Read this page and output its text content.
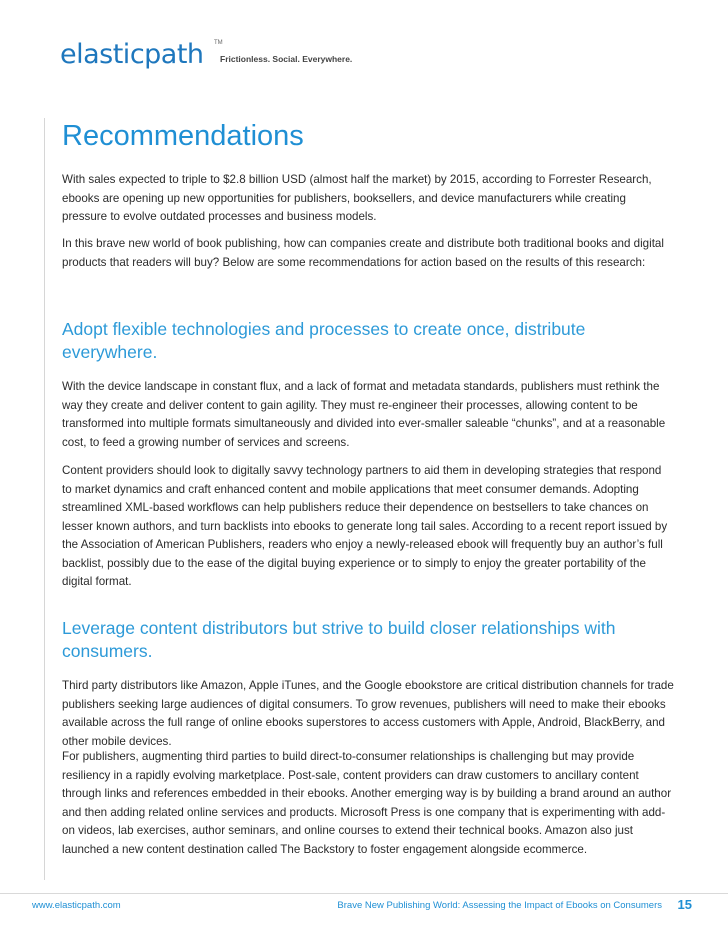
elasticpath TM
Frictionless. Social. Everywhere.
Recommendations

With sales expected to triple to $2.8 billion USD (almost half the market) by 2015, according to Forrester Research, ebooks are opening up new opportunities for publishers, booksellers, and device manufacturers while creating pressure to evolve outdated processes and business models.

In this brave new world of book publishing, how can companies create and distribute both traditional books and digital products that readers will buy? Below are some recommendations for action based on the results of this research:

Adopt flexible technologies and processes to create once, distribute everywhere.

With the device landscape in constant flux, and a lack of format and metadata standards, publishers must rethink the way they create and deliver content to gain agility. They must re-engineer their processes, allowing content to be transformed into multiple formats simultaneously and divided into ever-smaller saleable “chunks”, and at a reasonable cost, to feed a growing number of services and screens.

Content providers should look to digitally savvy technology partners to aid them in developing strategies that respond to market dynamics and craft enhanced content and mobile applications that meet consumer demands. Adopting streamlined XML-based workflows can help publishers reduce their dependence on bestsellers to take chances on lesser known authors, and turn backlists into ebooks to generate long tail sales. According to a recent report issued by the Association of American Publishers, readers who enjoy a newly-released ebook will frequently buy an author’s full backlist, possibly due to the ease of the digital buying experience or to simply to enjoy the greater portability of the digital format.

Leverage content distributors but strive to build closer relationships with consumers.

Third party distributors like Amazon, Apple iTunes, and the Google ebookstore are critical distribution channels for trade publishers seeking large audiences of digital consumers. To grow revenues, publishers will need to make their ebooks available across the full range of online ebooks superstores to access customers with Apple, Android, BlackBerry, and other mobile devices.

For publishers, augmenting third parties to build direct-to-consumer relationships is challenging but may provide resiliency in a rapidly evolving marketplace. Post-sale, content providers can draw customers to ancillary content through links and references embedded in their ebooks. Another emerging way is by building a brand around an author and then adding related online services and products. Microsoft Press is one company that is experimenting with add-on videos, lab exercises, author seminars, and online courses to extend their technical books. Amazon also just launched a new content destination called The Backstory to foster engagement alongside ecommerce.

www.elasticpath.com	Brave New Publishing World: Assessing the Impact of Ebooks on Consumers 15
